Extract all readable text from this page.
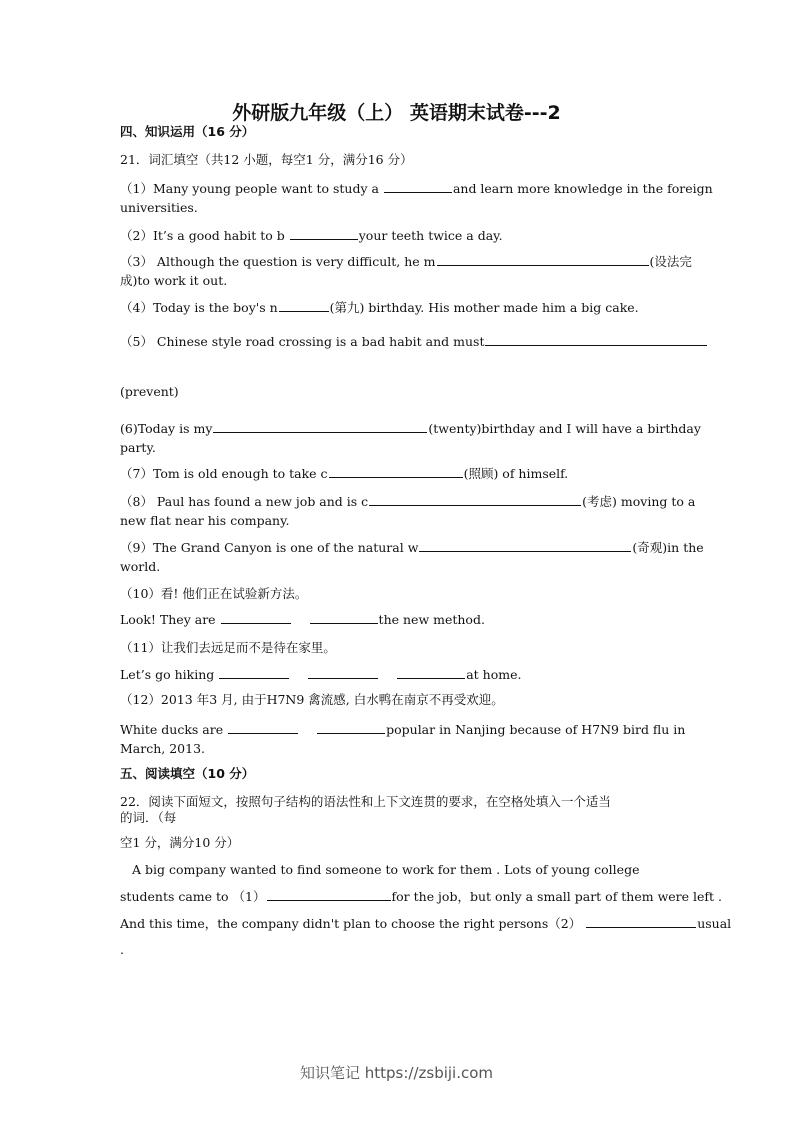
外研版九年级（上） 英语期末试卷---2
四、知识运用（16 分）
21．词汇填空（共12 小题，每空1 分，满分16 分）
（1）Many young people want to study a	and learn more knowledge in the foreign
universities.
（2）It’s a good habit to b	your teeth twice a day.
（3） Although the question is very difficult, he m	(设法完
成)to work it out.
（4）Today is the boy's n	(第九) birthday. His mother made him a big cake.
（5） Chinese style road crossing is a bad habit and must
(prevent)
(6)Today is my	(twenty)birthday and I will have a birthday
party.
（7）Tom is old enough to take c	(照顾) of himself.
（8） Paul has found a new job and is c	(考虑) moving to a
new flat near his company.
（9）The Grand Canyon is one of the natural w	(奇观)in the
world.
（10）看! 他们正在试验新方法。
Look! They are	the new method.
（11）让我们去远足而不是待在家里。
Let’s go hiking	at home.
（12）2013 年3 月, 由于H7N9 禽流感, 白水鸭在南京不再受欢迎。
White ducks are	popular in Nanjing because of H7N9 bird flu in
March, 2013.
五、阅读填空（10 分）
22．阅读下面短文，按照句子结构的语法性和上下文连贯的要求，在空格处填入一个适当
的词．（每
空1 分，满分10 分）
A big company wanted to find someone to work for them . Lots of young college
students came to （1）	for the job，but only a small part of them were left .
And this time，the company didn't plan to choose the right persons（2）	usual
.
知识笔记 https://zsbiji.com
